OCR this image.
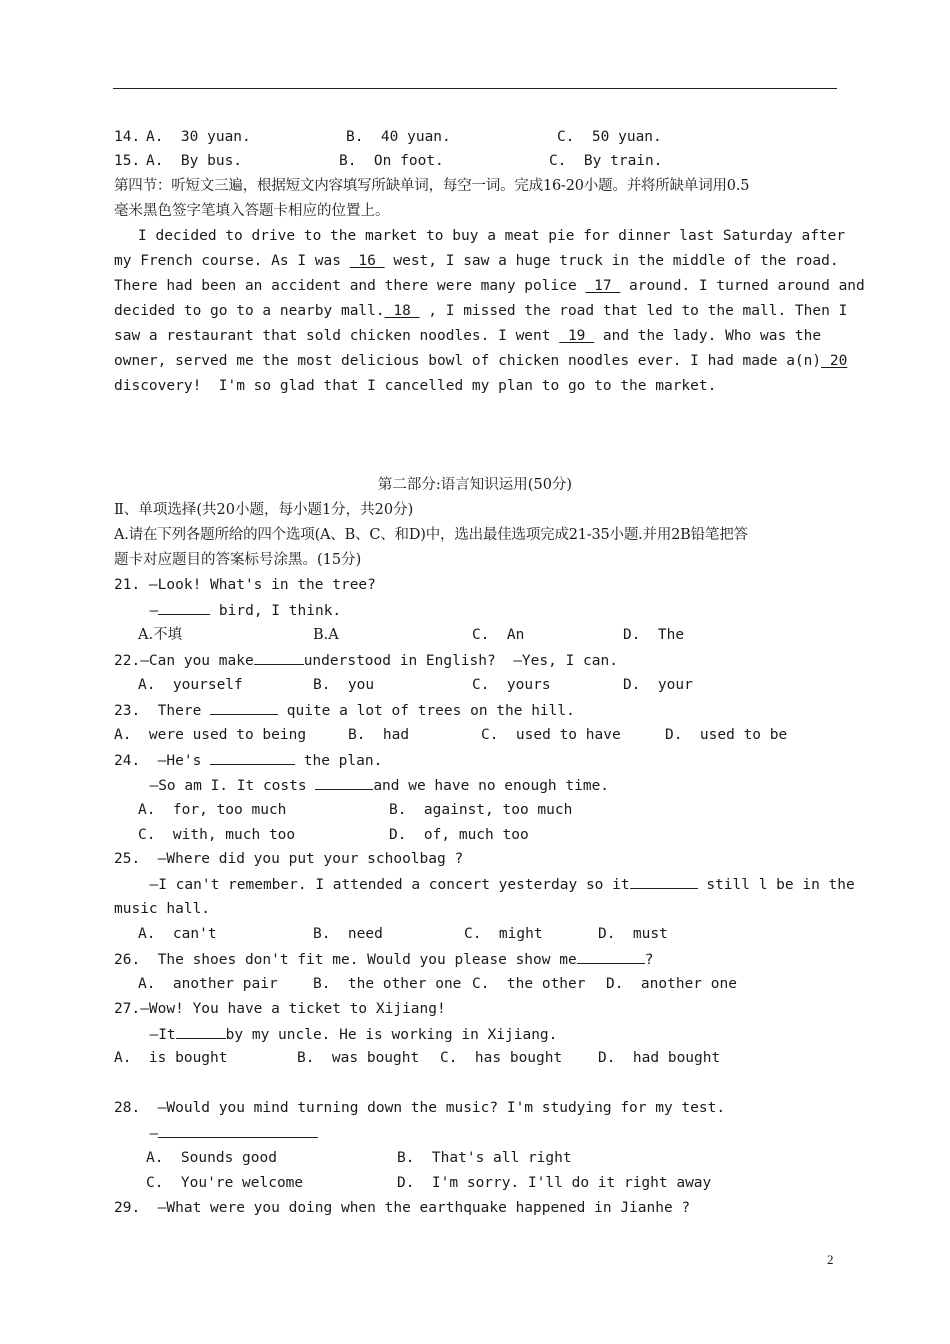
14. A.  30 yuan.	B.  40 yuan.	C.  50 yuan.
15. A.  By bus.	B.  On foot.	C.  By train.
第四节：听短文三遍，根据短文内容填写所缺单词，每空一词。完成16-20小题。并将所缺单词用0.5
毫米黑色签字笔填入答题卡相应的位置上。
I decided to drive to the market to buy a meat pie for dinner last Saturday after
my French course. As I was  16  west, I saw a huge truck in the middle of the road.
There had been an accident and there were many police  17  around. I turned around and
decided to go to a nearby mall. 18  , I missed the road that led to the mall. Then I
saw a restaurant that sold chicken noodles. I went  19  and the lady. Who was the
owner, served me the most delicious bowl of chicken noodles ever. I had made a(n) 20
discovery!  I'm so glad that I cancelled my plan to go to the market.
第二部分:语言知识运用(50分)
Ⅱ、单项选择(共20小题，每小题1分，共20分)
A.请在下列各题所给的四个选项(A、B、C、和D)中，选出最佳选项完成21-35小题.并用2B铅笔把答
题卡对应题目的答案标号涂黑。(15分)
21. —Look! What's in the tree?
—	bird, I think.
A.不填	B.A	C.  An	D.  The
22.—Can you make	understood in English?  —Yes, I can.
A.  yourself	B.  you	C.  yours	D.  your
23.  There	quite a lot of trees on the hill.
A.  were used to being	B.  had	C.  used to have	D.  used to be
24.  —He's	the plan.
—So am I. It costs	and we have no enough time.
A.  for, too much	B.  against, too much
C.  with, much too	D.  of, much too
25.  —Where did you put your schoolbag ?
—I can't remember. I attended a concert yesterday so it	still l be in the
music hall.
A.  can't	B.  need	C.  might	D.  must
26.  The shoes don't fit me. Would you please show me	?
A.  another pair B.  the other one C.  the other D.  another one
27.—Wow! You have a ticket to Xijiang!
—It	by my uncle. He is working in Xijiang.
A.  is bought	B.  was bought C.  has bought D.  had bought
28.  —Would you mind turning down the music? I'm studying for my test.
—
A.  Sounds good	B.  That's all right
C.  You're welcome	D.  I'm sorry. I'll do it right away
29.  —What were you doing when the earthquake happened in Jianhe ?
2
